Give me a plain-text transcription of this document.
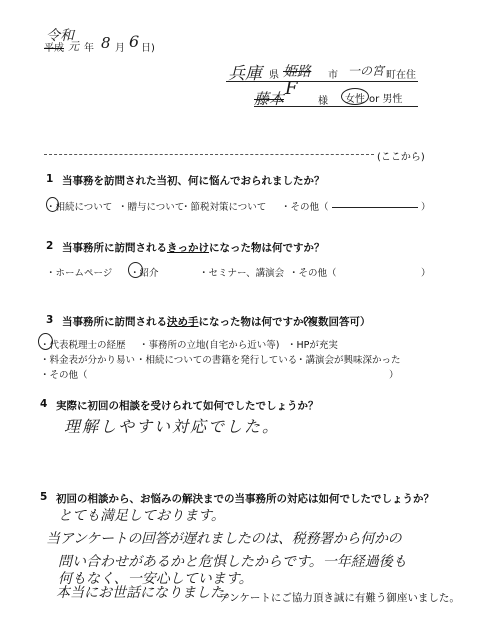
令和
平成 元 年 8 月 6 日)
兵庫 県 姫路 市 一の宮 町在住
藤本 F
様 女性 or 男性
(ここから)
1 当事務を訪問された当初、何に悩んでおられましたか？
・相続について ・贈与について
・節税対策について ・その他（	）
2 当事務所に訪問されるきっかけになった物は何ですか？
・ホームページ ・紹介	・セミナー、講演会 ・その他（	）
3 当事務所に訪問される決め手になった物は何ですか？
（複数回答可）
・代表税理士の経歴 ・事務所の立地(自宅から近い等) ・HPが充実
・料金表が分かり易い ・相続についての書籍を発行している
・講演会が興味深かった
・その他（	）
4 実際に初回の相談を受けられて如何でしたでしょうか？
理解しやすい対応でした。
5 初回の相談から、お悩みの解決までの当事務所の対応は如何でしたでしょうか？
とても満足しております。
当アンケートの回答が遅れましたのは、税務署から何かの
問い合わせがあるかと危惧したからです。一年経過後も
何もなく、一安心しています。
本当にお世話になりました。
アンケートにご協力頂き誠に有難う御座いました。
